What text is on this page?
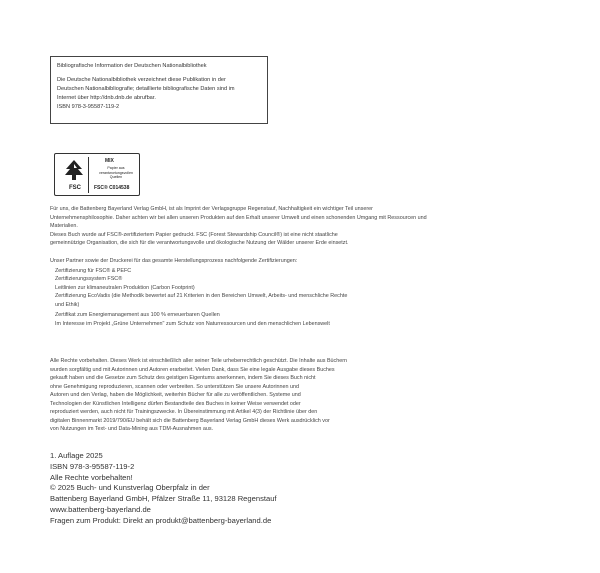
Bibliografische Information der Deutschen Nationalbibliothek
Die Deutsche Nationalbibliothek verzeichnet diese Publikation in der
Deutschen Nationalbibliografie; detaillierte bibliografische Daten sind im
Internet über http://dnb.dnb.de abrufbar.
ISBN 978-3-95587-119-2
FSC
MIX
Papier aus verantwortungsvollen Quellen
FSC® C014538
Für uns, die Battenberg Bayerland Verlag GmbH, ist als Imprint der Verlagsgruppe Regenstauf, Nachhaltigkeit ein wichtiger Teil unserer
Unternehmensphilosophie. Daher achten wir bei allen unseren Produkten auf den Erhalt unserer Umwelt und einen schonenden Umgang mit Ressourcen und
Materialien.
Dieses Buch wurde auf FSC®-zertifiziertem Papier gedruckt. FSC (Forest Stewardship Council®) ist eine nicht staatliche
gemeinnützige Organisation, die sich für die verantwortungsvolle und ökologische Nutzung der Wälder unserer Erde einsetzt.
Unser Partner sowie der Druckerei für das gesamte Herstellungsprozess nachfolgende Zertifizierungen:
Zertifizierung für FSC® & PEFC
Zertifizierungssystem FSC®
Leitlinien zur klimaneutralen Produktion (Carbon Footprint)
Zertifizierung EcoVadis (die Methodik bewertet auf 21 Kriterien in den Bereichen Umwelt, Arbeits- und menschliche Rechte
und Ethik)
Zertifikat zum Energiemanagement aus 100 % erneuerbaren Quellen
Im Interesse im Projekt „Grüne Unternehmen" zum Schutz von Naturressourcen und den menschlichen Lebenswelt
Alle Rechte vorbehalten. Dieses Werk ist einschließlich aller seiner Teile urheberrechtlich geschützt. Die Inhalte aus Büchern
wurden sorgfältig und mit Autorinnen und Autoren erarbeitet. Vielen Dank, dass Sie eine legale Ausgabe dieses Buches
gekauft haben und die Gesetze zum Schutz des geistigen Eigentums anerkennen, indem Sie dieses Buch nicht
ohne Genehmigung reproduzieren, scannen oder verbreiten. So unterstützen Sie unsere Autorinnen und
Autoren und den Verlag, haben die Möglichkeit, weiterhin Bücher für alle zu veröffentlichen. Systeme und
Technologien der Künstlichen Intelligenz dürfen Bestandteile des Buches in keiner Weise verwendet oder
reproduziert werden, auch nicht für Trainingszwecke. In Übereinstimmung mit Artikel 4(3) der Richtlinie über den
digitalen Binnenmarkt 2019/790/EU behält sich die Battenberg Bayerland Verlag GmbH dieses Werk ausdrücklich vor
von Nutzungen im Text- und Data-Mining aus TDM-Ausnahmen aus.
1. Auflage 2025
ISBN 978-3-95587-119-2
Alle Rechte vorbehalten!
© 2025 Buch- und Kunstverlag Oberpfalz in der
Battenberg Bayerland GmbH, Pfälzer Straße 11, 93128 Regenstauf
www.battenberg-bayerland.de
Fragen zum Produkt: Direkt an produkt@battenberg-bayerland.de
